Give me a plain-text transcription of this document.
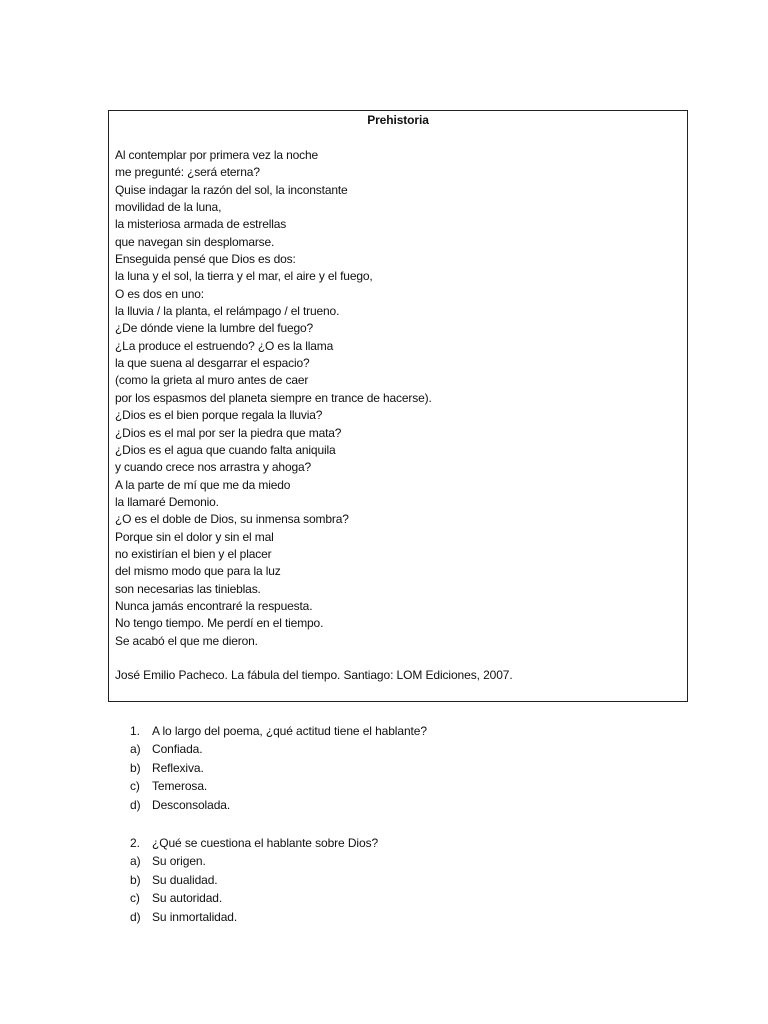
Prehistoria
Al contemplar por primera vez la noche
me pregunté: ¿será eterna?
Quise indagar la razón del sol, la inconstante
movilidad de la luna,
la misteriosa armada de estrellas
que navegan sin desplomarse.
Enseguida pensé que Dios es dos:
la luna y el sol, la tierra y el mar, el aire y el fuego,
O es dos en uno:
la lluvia / la planta, el relámpago / el trueno.
¿De dónde viene la lumbre del fuego?
¿La produce el estruendo? ¿O es la llama
la que suena al desgarrar el espacio?
(como la grieta al muro antes de caer
por los espasmos del planeta siempre en trance de hacerse).
¿Dios es el bien porque regala la lluvia?
¿Dios es el mal por ser la piedra que mata?
¿Dios es el agua que cuando falta aniquila
y cuando crece nos arrastra y ahoga?
A la parte de mí que me da miedo
la llamaré Demonio.
¿O es el doble de Dios, su inmensa sombra?
Porque sin el dolor y sin el mal
no existirían el bien y el placer
del mismo modo que para la luz
son necesarias las tinieblas.
Nunca jamás encontraré la respuesta.
No tengo tiempo. Me perdí en el tiempo.
Se acabó el que me dieron.
José Emilio Pacheco. La fábula del tiempo. Santiago: LOM Ediciones, 2007.
1.	A lo largo del poema, ¿qué actitud tiene el hablante?
a) Confiada.
b) Reflexiva.
c)	Temerosa.
d) Desconsolada.
2.	¿Qué se cuestiona el hablante sobre Dios?
a) Su origen.
b) Su dualidad.
c)	Su autoridad.
d) Su inmortalidad.
